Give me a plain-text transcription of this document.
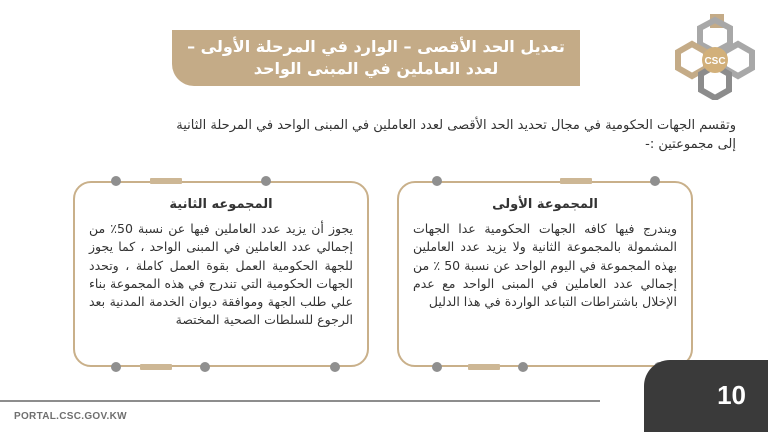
CSC
تعديل الحد الأقصى – الوارد في المرحلة الأولى –
لعدد العاملين في المبنى الواحد
وتقسم الجهات الحكومية في مجال تحديد الحد الأقصى لعدد العاملين في المبنى الواحد في المرحلة الثانية
إلى مجموعتين :-
المجموعه الثانية
يجوز أن يزيد عدد العاملين فيها عن نسبة 50٪ من إجمالي عدد العاملين في المبنى الواحد ، كما يجوز للجهة الحكومية العمل بقوة العمل كاملة ، وتحدد الجهات الحكومية التي تندرج في هذه المجموعة بناء علي طلب الجهة وموافقة ديوان الخدمة المدنية بعد الرجوع للسلطات الصحية المختصة
المجموعة الأولى
ويندرج فيها كافه الجهات الحكومية عدا الجهات المشمولة بالمجموعة الثانية ولا يزيد عدد العاملين بهذه المجموعة في اليوم الواحد عن نسبة 50 ٪ من إجمالي عدد العاملين في المبنى الواحد مع عدم الإخلال باشتراطات التباعد الواردة في هذا الدليل
PORTAL.CSC.GOV.KW
10
